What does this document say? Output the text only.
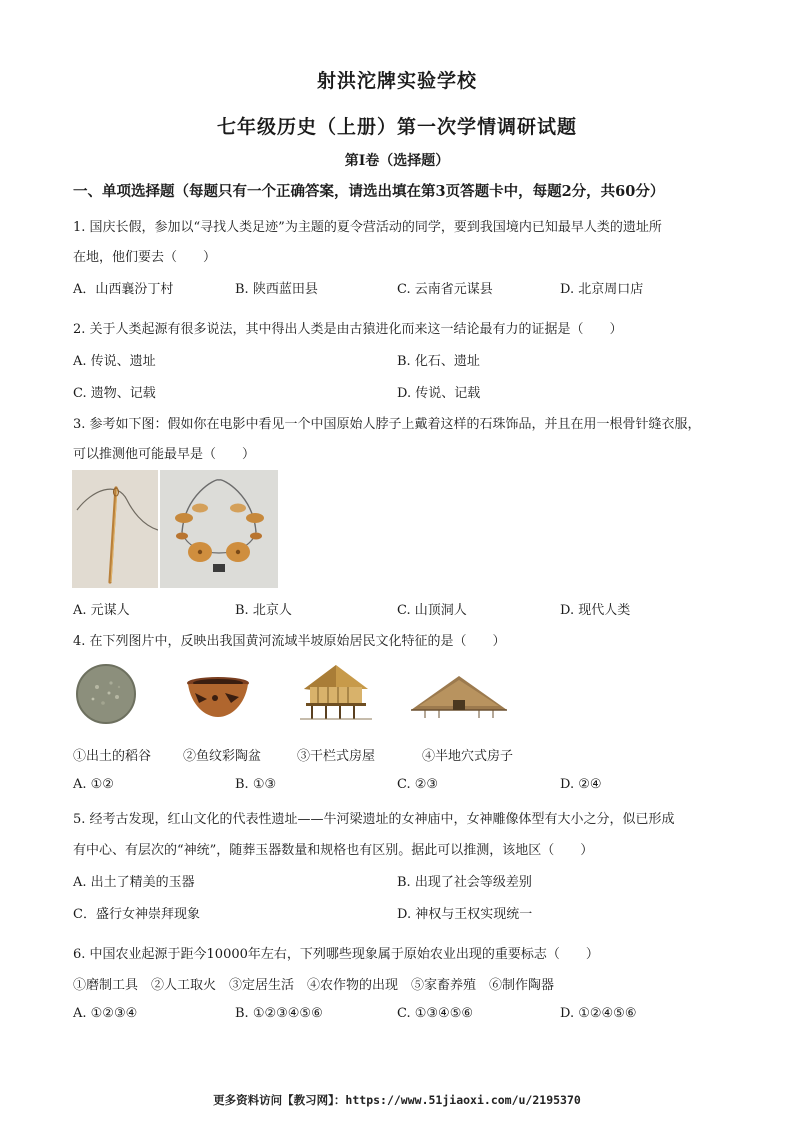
射洪沱牌实验学校
七年级历史（上册）第一次学情调研试题
第Ⅰ卷（选择题）
一、单项选择题（每题只有一个正确答案，请选出填在第3页答题卡中，每题2分，共60分）
1. 国庆长假，参加以“寻找人类足迹”为主题的夏令营活动的同学，要到我国境内已知最早人类的遗址所
在地，他们要去（　　）
A．山西襄汾丁村	B. 陕西蓝田县	C. 云南省元谋县	D. 北京周口店
2. 关于人类起源有很多说法，其中得出人类是由古猿进化而来这一结论最有力的证据是（　　）
A. 传说、遗址	B. 化石、遗址
C. 遗物、记载	D. 传说、记载
3. 参考如下图：假如你在电影中看见一个中国原始人脖子上戴着这样的石珠饰品，并且在用一根骨针缝衣服，
可以推测他可能最早是（　　）
A. 元谋人	B. 北京人	C. 山顶洞人	D. 现代人类
4. 在下列图片中，反映出我国黄河流域半坡原始居民文化特征的是（　　）
①出土的稻谷 ②鱼纹彩陶盆	③干栏式房屋	④半地穴式房子
A. ①②	B. ①③	C. ②③	D. ②④
5. 经考古发现，红山文化的代表性遗址——牛河梁遗址的女神庙中，女神雕像体型有大小之分，似已形成
有中心、有层次的“神统”，随葬玉器数量和规格也有区别。据此可以推测，该地区（　　）
A. 出土了精美的玉器	B. 出现了社会等级差别
C．盛行女神崇拜现象	D. 神权与王权实现统一
6. 中国农业起源于距今10000年左右，下列哪些现象属于原始农业出现的重要标志（　　）
①磨制工具　②人工取火　③定居生活　④农作物的出现　⑤家畜养殖　⑥制作陶器
A. ①②③④	B. ①②③④⑤⑥	C. ①③④⑤⑥	D. ①②④⑤⑥
更多资料访问【教习网】：https://www.51jiaoxi.com/u/2195370
